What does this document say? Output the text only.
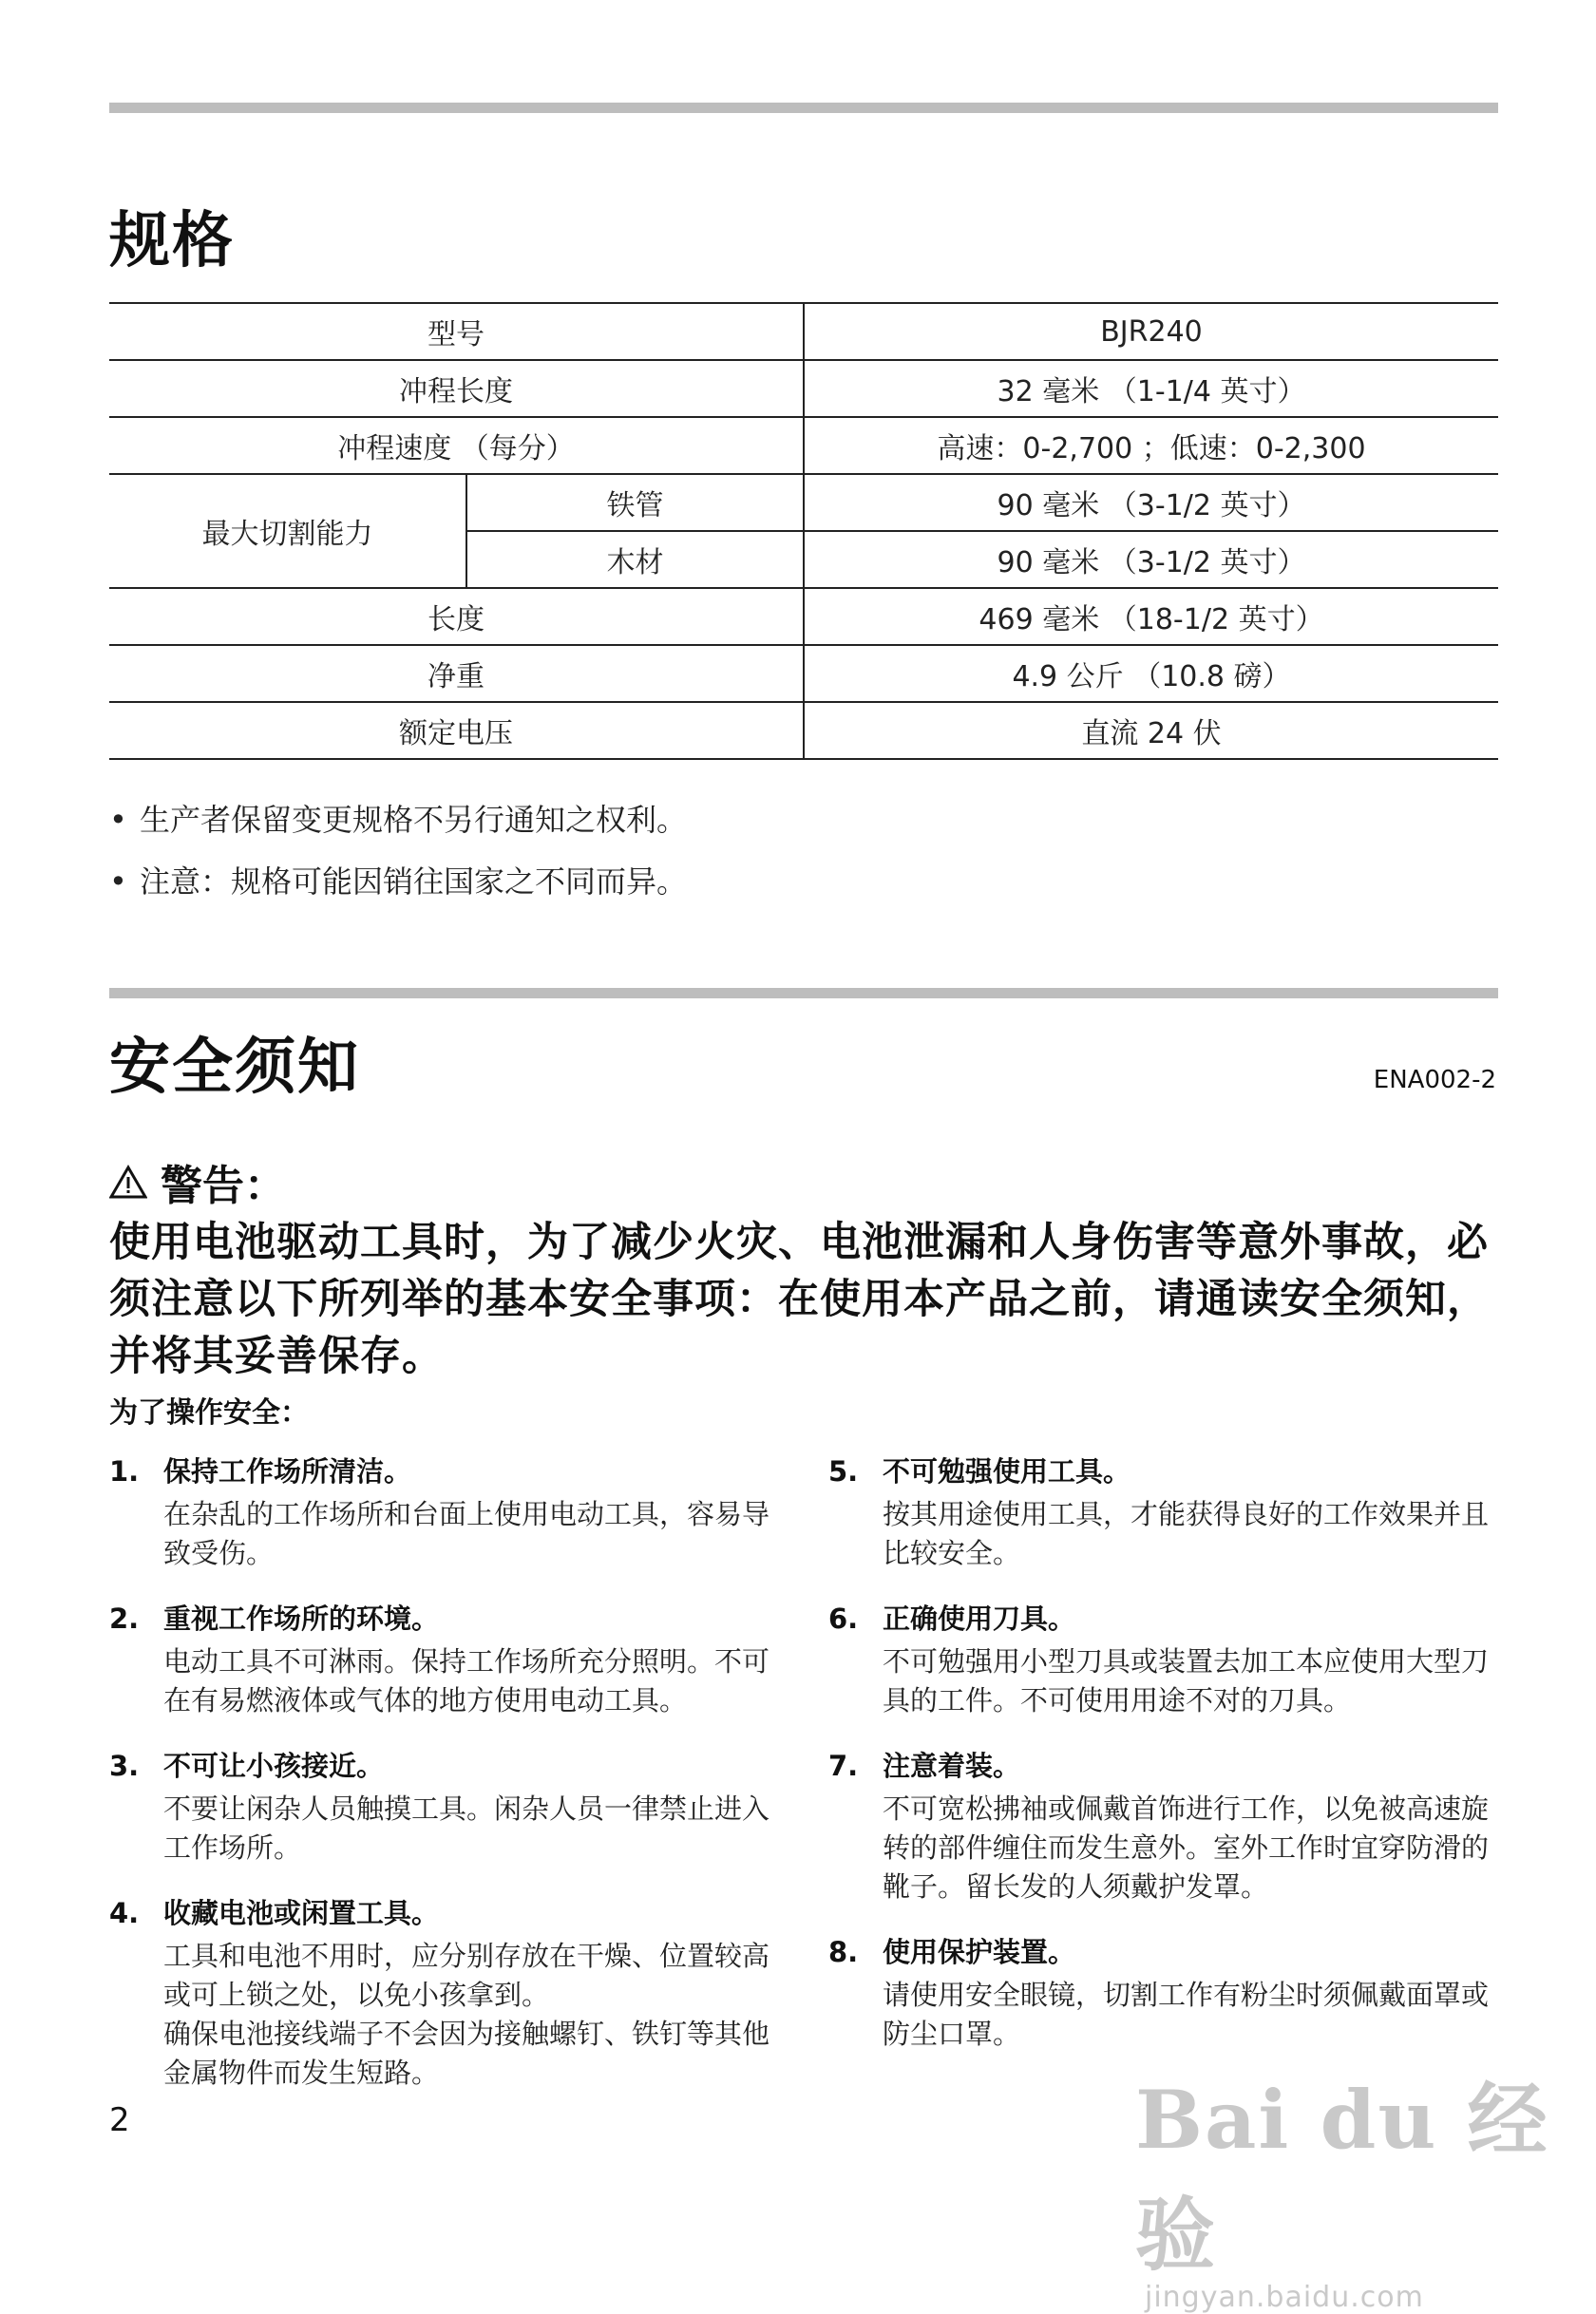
规格
型号		BJR240
冲程长度		32 毫米 （1-1/4 英寸）
冲程速度 （每分）		高速：0-2,700 ；低速：0-2,300
最大切割能力	铁管	90 毫米 （3-1/2 英寸）
	木材	90 毫米 （3-1/2 英寸）
长度		469 毫米 （18-1/2 英寸）
净重		4.9 公斤 （10.8 磅）
额定电压		直流 24 伏
• 生产者保留变更规格不另行通知之权利。
• 注意：规格可能因销往国家之不同而异。
安全须知	ENA002-2
警告：
使用电池驱动工具时，为了减少火灾、电池泄漏和人身伤害等意外事故，必须注意以下所列举的基本安全事项：在使用本产品之前，请通读安全须知，并将其妥善保存。
为了操作安全：
1. 保持工作场所清洁。
在杂乱的工作场所和台面上使用电动工具，容易导致受伤。
2. 重视工作场所的环境。
电动工具不可淋雨。保持工作场所充分照明。不可在有易燃液体或气体的地方使用电动工具。
3. 不可让小孩接近。
不要让闲杂人员触摸工具。闲杂人员一律禁止进入工作场所。
4. 收藏电池或闲置工具。
工具和电池不用时，应分别存放在干燥、位置较高或可上锁之处，以免小孩拿到。
确保电池接线端子不会因为接触螺钉、铁钉等其他金属物件而发生短路。
5. 不可勉强使用工具。
按其用途使用工具，才能获得良好的工作效果并且比较安全。
6. 正确使用刀具。
不可勉强用小型刀具或装置去加工本应使用大型刀具的工件。不可使用用途不对的刀具。
7. 注意着装。
不可宽松拂袖或佩戴首饰进行工作，以免被高速旋转的部件缠住而发生意外。室外工作时宜穿防滑的靴子。留长发的人须戴护发罩。
8. 使用保护装置。
请使用安全眼镜，切割工作有粉尘时须佩戴面罩或防尘口罩。
2	Bai du 经验
jingyan.baidu.com
